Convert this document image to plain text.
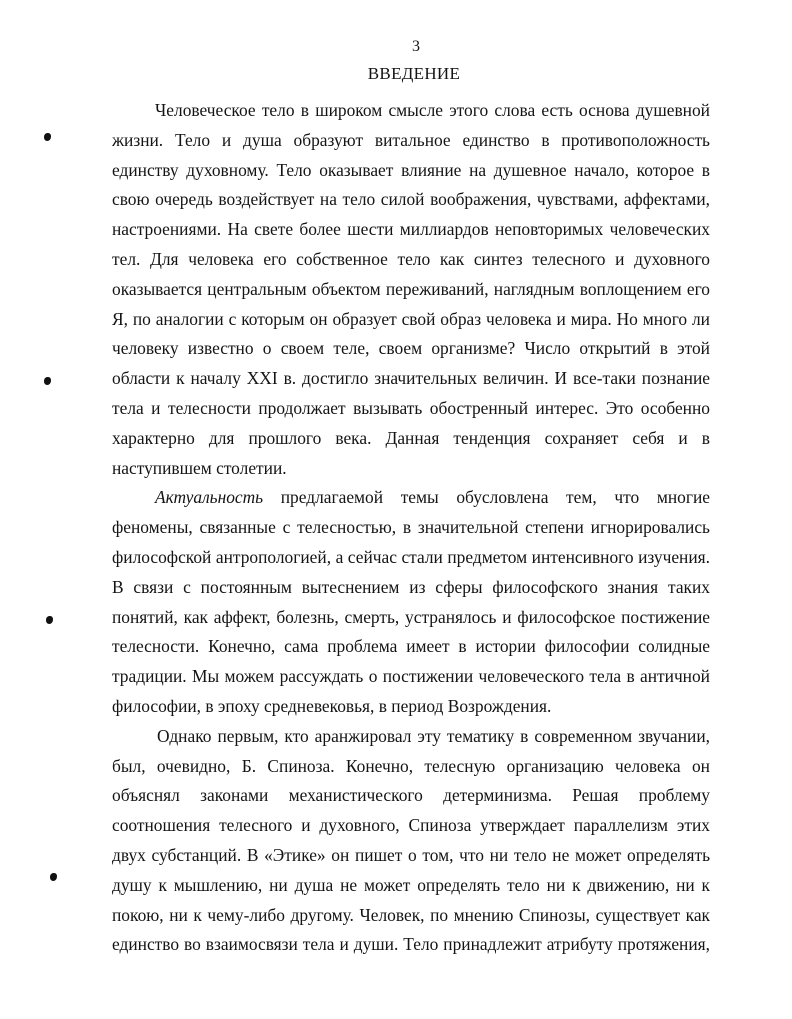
3
ВВЕДЕНИЕ
Человеческое тело в широком смысле этого слова есть основа душевной
жизни. Тело и душа образуют витальное единство в противоположность
единству духовному. Тело оказывает влияние на душевное начало, которое в
свою очередь воздействует на тело силой воображения, чувствами, аффектами,
настроениями. На свете более шести миллиардов неповторимых человеческих
тел. Для человека его собственное тело как синтез телесного и духовного
оказывается центральным объектом переживаний, наглядным воплощением его
Я, по аналогии с которым он образует свой образ человека и мира. Но много ли
человеку известно о своем теле, своем организме? Число открытий в этой
области к началу XXI в. достигло значительных величин. И все-таки познание
тела и телесности продолжает вызывать обостренный интерес. Это особенно
характерно для прошлого века. Данная тенденция сохраняет себя и в
наступившем столетии.
Актуальность предлагаемой темы обусловлена тем, что многие
феномены, связанные с телесностью, в значительной степени игнорировались
философской антропологией, а сейчас стали предметом интенсивного изучения.
В связи с постоянным вытеснением из сферы философского знания таких
понятий, как аффект, болезнь, смерть, устранялось и философское постижение
телесности. Конечно, сама проблема имеет в истории философии солидные
традиции. Мы можем рассуждать о постижении человеческого тела в античной
философии, в эпоху средневековья, в период Возрождения.
Однако первым, кто аранжировал эту тематику в современном звучании,
был, очевидно, Б. Спиноза. Конечно, телесную организацию человека он
объяснял законами механистического детерминизма. Решая проблему
соотношения телесного и духовного, Спиноза утверждает параллелизм этих
двух субстанций. В «Этике» он пишет о том, что ни тело не может определять
душу к мышлению, ни душа не может определять тело ни к движению, ни к
покою, ни к чему-либо другому. Человек, по мнению Спинозы, существует как
единство во взаимосвязи тела и души. Тело принадлежит атрибуту протяжения,
